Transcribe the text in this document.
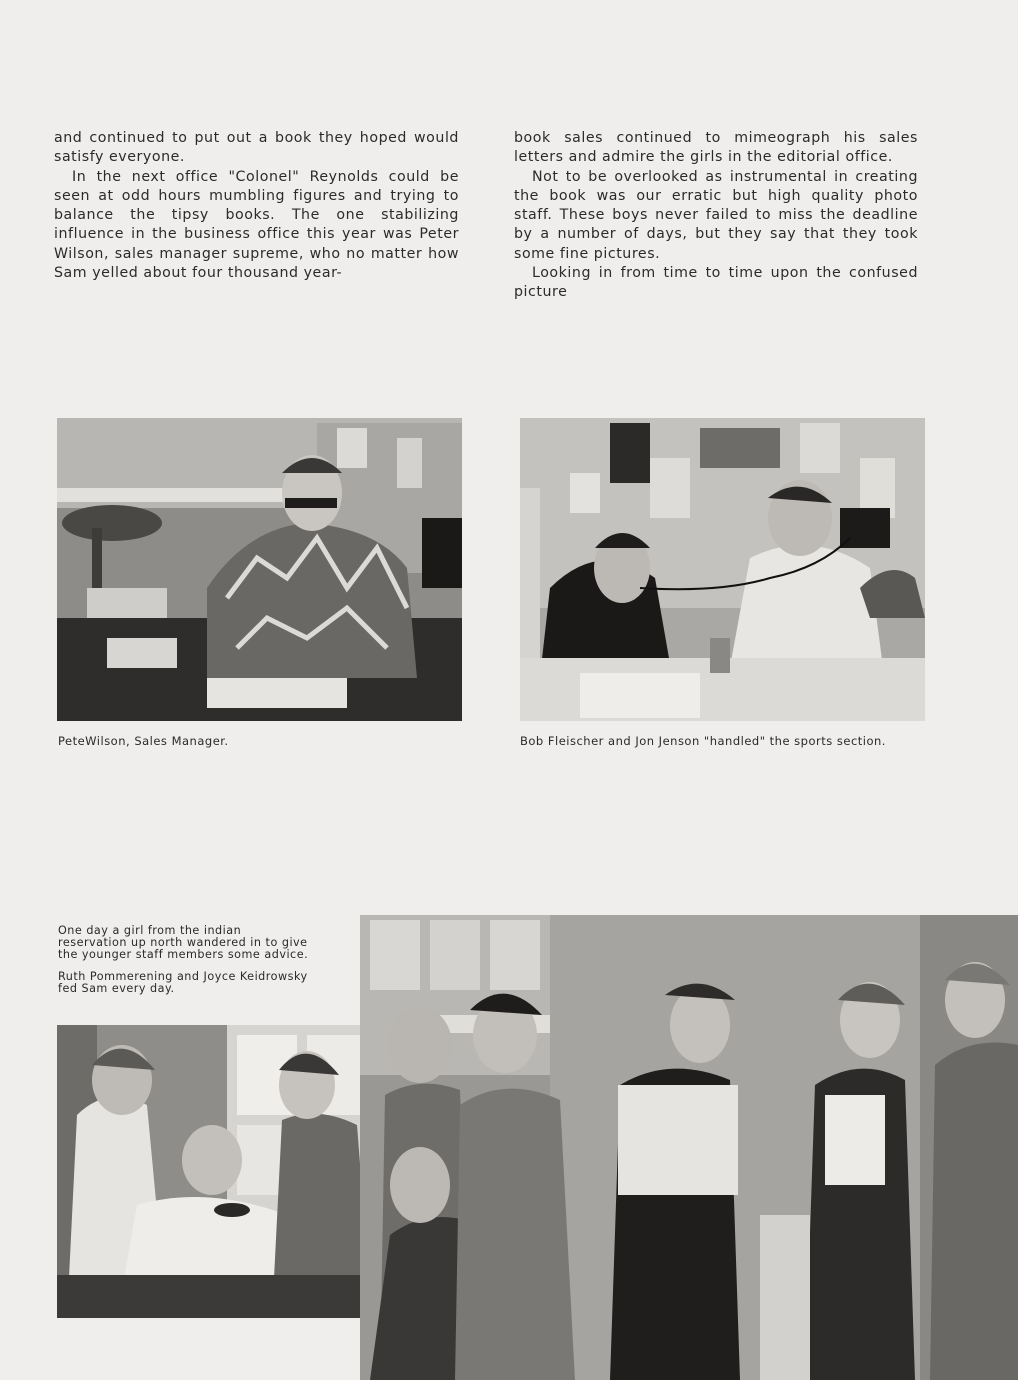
and continued to put out a book they hoped would satisfy everyone.

In the next office "Colonel" Reynolds could be seen at odd hours mumbling figures and trying to balance the tipsy books. The one stabilizing influence in the business office this year was Peter Wilson, sales manager supreme, who no matter how Sam yelled about four thousand year-

book sales continued to mimeograph his sales letters and admire the girls in the editorial office.

Not to be overlooked as instrumental in creating the book was our erratic but high quality photo staff. These boys never failed to miss the deadline by a number of days, but they say that they took some fine pictures.

Looking in from time to time upon the confused picture

PeteWilson, Sales Manager.	Bob Fleischer and Jon Jenson "handled" the sports section.

One day a girl from the indian reservation up north wandered in to give the younger staff members some advice.

Ruth Pommerening and Joyce Keidrowsky fed Sam every day.
